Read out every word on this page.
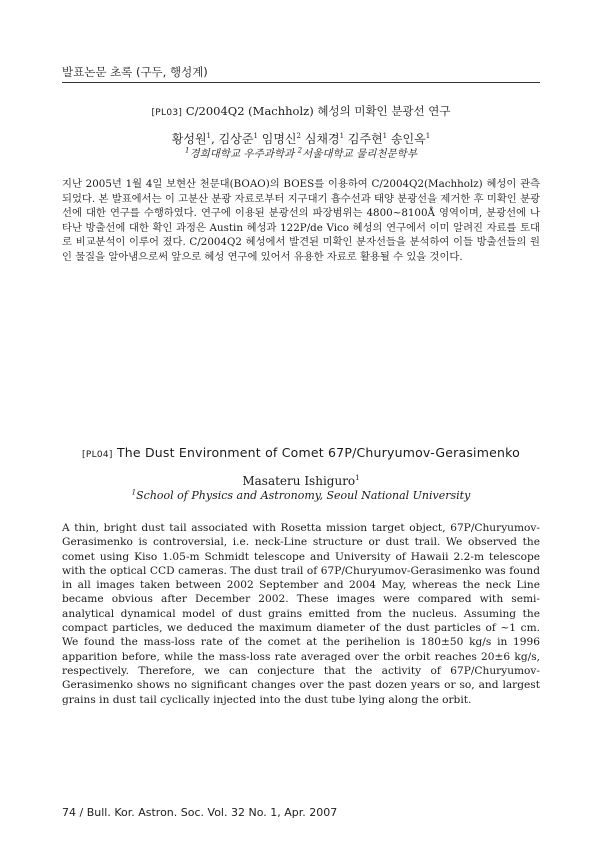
발표논문 초록 (구두, 행성계)

[PL03] C/2004Q2 (Machholz) 혜성의 미확인 분광선 연구

황성원$^1$, 김상준$^1$ 임명신$^2$ 심채경$^1$ 김주현$^1$ 송인옥$^1$

$^1$경희대학교 우주과학과 $^2$서울대학교 물리천문학부

지난 2005년 1월 4일 보현산 천문대(BOAO)의 BOES를 이용하여 C/2004Q2(Machholz) 혜성이 관측되었다. 본 발표에서는 이 고분산 분광 자료로부터 지구대기 흡수선과 태양 분광선을 제거한 후 미확인 분광선에 대한 연구를 수행하였다. 연구에 이용된 분광선의 파장범위는 4800~8100Å 영역이며, 분광선에 나타난 방출선에 대한 확인 과정은 Austin 혜성과 122P/de Vico 혜성의 연구에서 이미 알려진 자료를 토대로 비교분석이 이루어 졌다. C/2004Q2 혜성에서 발견된 미확인 분자선들을 분석하여 이들 방출선들의 원인 물질을 알아냄으로써 앞으로 혜성 연구에 있어서 유용한 자료로 활용될 수 있을 것이다.

[PL04] The Dust Environment of Comet 67P/Churyumov-Gerasimenko

Masateru Ishiguro$^1$

$^1$School of Physics and Astronomy, Seoul National University

A thin, bright dust tail associated with Rosetta mission target object, 67P/Churyumov-Gerasimenko is controversial, i.e. neck-Line structure or dust trail. We observed the comet using Kiso 1.05-m Schmidt telescope and University of Hawaii 2.2-m telescope with the optical CCD cameras. The dust trail of 67P/Churyumov-Gerasimenko was found in all images taken between 2002 September and 2004 May, whereas the neck Line became obvious after December 2002. These images were compared with semi-analytical dynamical model of dust grains emitted from the nucleus. Assuming the compact particles, we deduced the maximum diameter of the dust particles of ~1 cm. We found the mass-loss rate of the comet at the perihelion is 180±50 kg/s in 1996 apparition before, while the mass-loss rate averaged over the orbit reaches 20±6 kg/s, respectively. Therefore, we can conjecture that the activity of 67P/Churyumov-Gerasimenko shows no significant changes over the past dozen years or so, and largest grains in dust tail cyclically injected into the dust tube lying along the orbit.

74 / Bull. Kor. Astron. Soc. Vol. 32 No. 1, Apr. 2007
